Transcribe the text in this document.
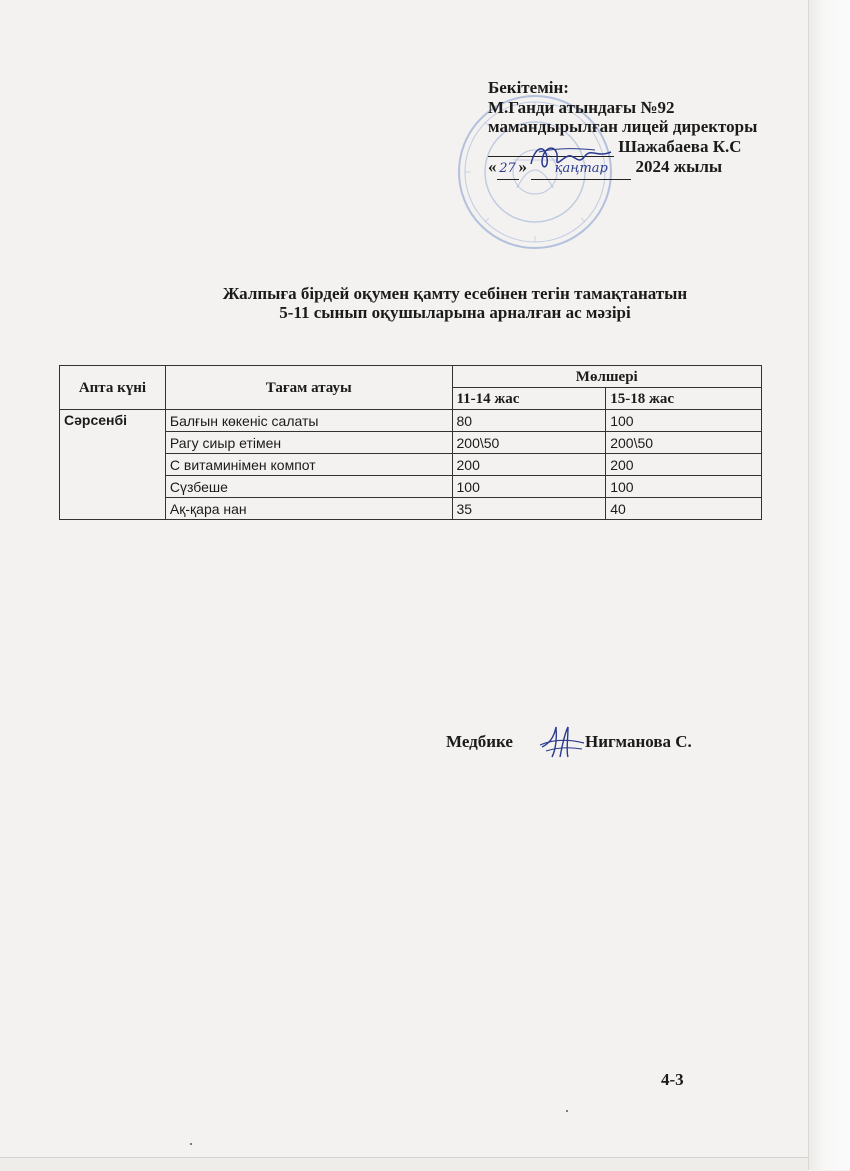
Бекітемін:
М.Ганди атындағы №92
мамандырылған лицей директоры
Шажабаева К.С
« 27 » қаңтар 2024 жылы
Жалпыға бірдей оқумен қамту есебінен тегін тамақтанатын
5-11 сынып оқушыларына арналған ас мәзірі
Апта күні	Тағам атауы	Мөлшері	
		11-14 жас	15-18 жас
Сәрсенбі	Балғын көкеніс салаты	80	100
	Рагу сиыр етімен	200\50	200\50
	С витаминімен компот	200	200
	Сүзбеше	100	100
	Ақ-қара нан	35	40
Медбике	Нигманова С.
4-3
